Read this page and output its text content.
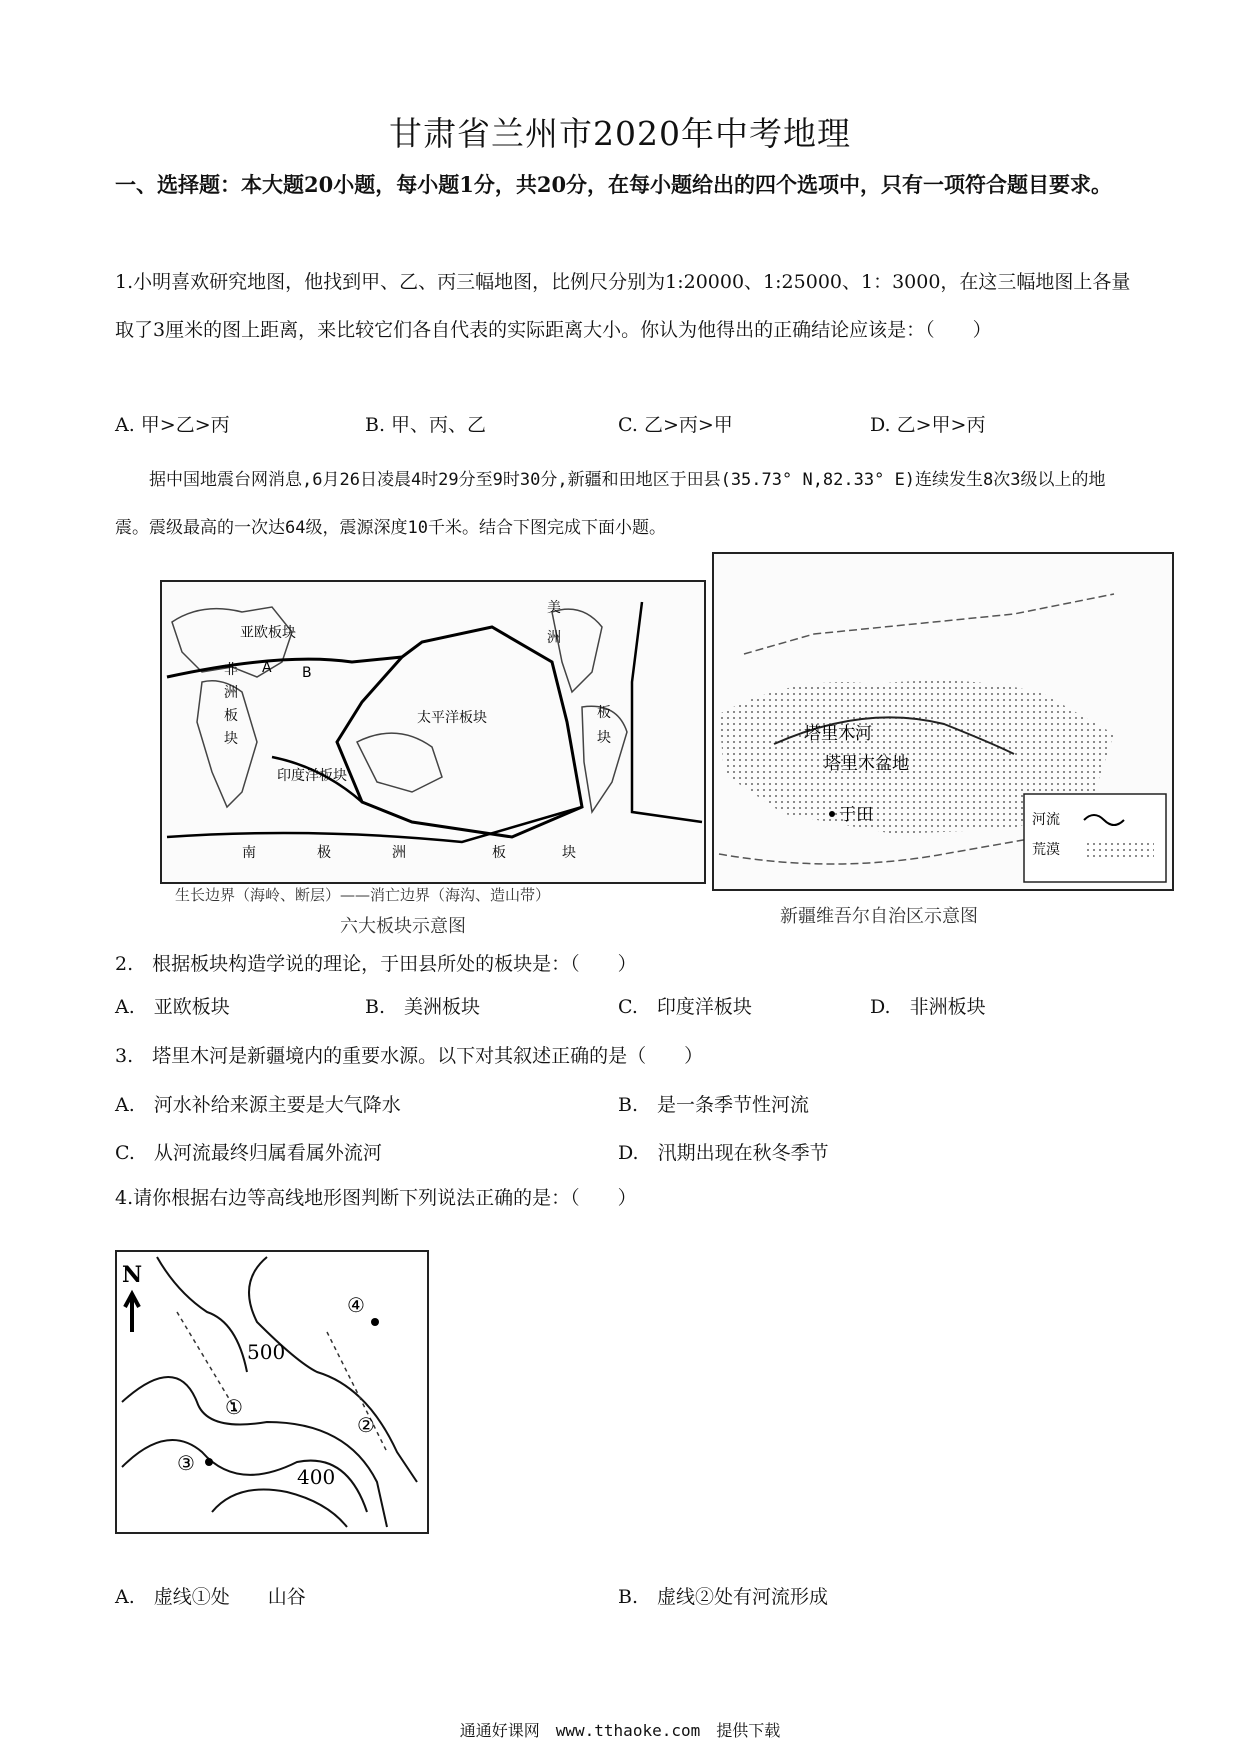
甘肃省兰州市2020年中考地理
一、选择题：本大题20小题，每小题1分，共20分，在每小题给出的四个选项中，只有一项符合题目要求。
1.小明喜欢研究地图，他找到甲、乙、丙三幅地图，比例尺分别为1:20000、1:25000、1：3000，在这三幅地图上各量取了3厘米的图上距离，来比较它们各自代表的实际距离大小。你认为他得出的正确结论应该是：（　　）
A. 甲>乙>丙	B. 甲、丙、乙	C. 乙>丙>甲	D. 乙>甲>丙
据中国地震台网消息,6月26日凌晨4时29分至9时30分,新疆和田地区于田县(35.73° N,82.33° E)连续发生8次3级以上的地震。震级最高的一次达64级，震源深度10千米。结合下图完成下面小题。
亚欧板块
太平洋板块
印度洋板块
A B
非
洲
板
块
美
洲
板
块
南	极	洲	板	块
生长边界（海岭、断层）——消亡边界（海沟、造山带）
六大板块示意图
塔里木河
塔里木盆地
于田	河流
荒漠
新疆维吾尔自治区示意图
2.　根据板块构造学说的理论，于田县所处的板块是：（　　）
A.　亚欧板块	B.　美洲板块	C.　印度洋板块	D.　非洲板块
3.　塔里木河是新疆境内的重要水源。以下对其叙述正确的是（　　）
A.　河水补给来源主要是大气降水	B.　是一条季节性河流
C.　从河流最终归属看属外流河	D.　汛期出现在秋冬季节
4.请你根据右边等高线地形图判断下列说法正确的是：（　　）
N
500
400
①
②
③
④
A.　虚线①处　　山谷	B.　虚线②处有河流形成
通通好课网　www.tthaoke.com　提供下载
